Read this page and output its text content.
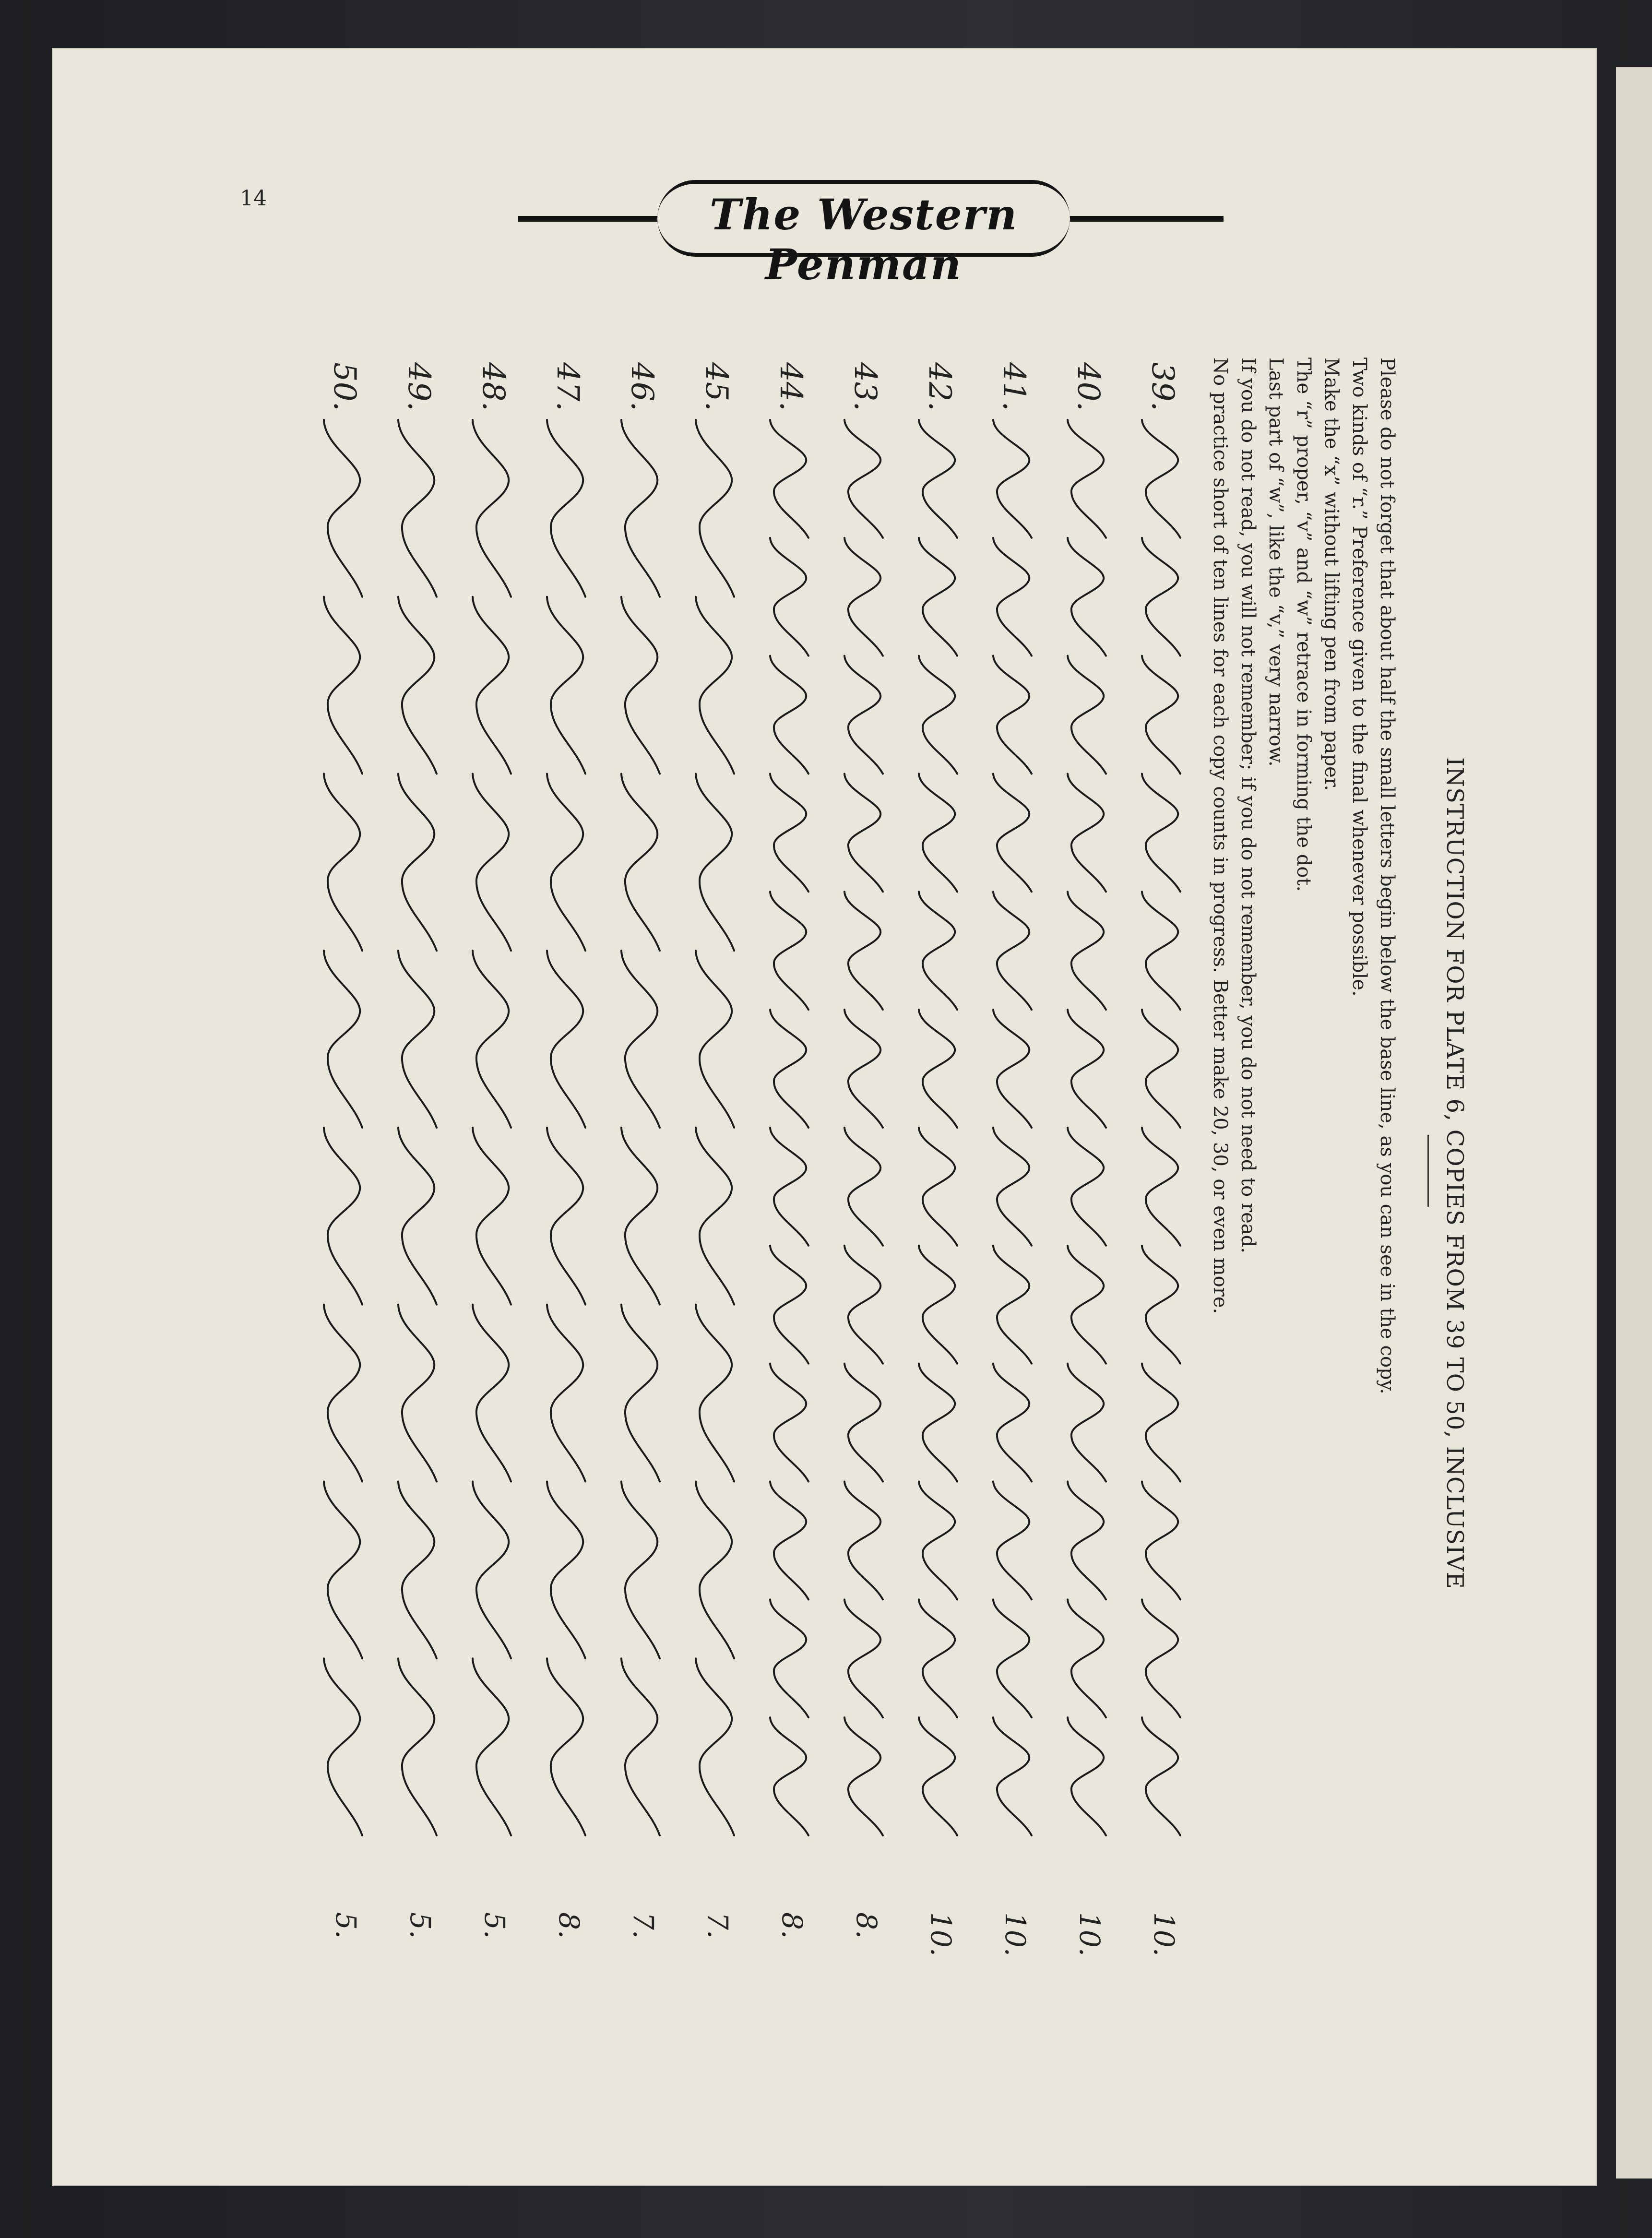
14	The Western Penman
INSTRUCTION FOR PLATE 6, COPIES FROM 39 TO 50, INCLUSIVE
Please do not forget that about half the small letters begin below the base line, as you can see in the copy.
Two kinds of “r.” Preference given to the final whenever possible.
Make the “x” without lifting pen from paper.
The “r” proper, “v” and “w” retrace in forming the dot.
Last part of “w”, like the “v,” very narrow.
If you do not read, you will not remember; if you do not remember, you do not need to read.
No practice short of ten lines for each copy counts in progress. Better make 20, 30, or even more.
39.
10.
40.
10.
41.
10.
42.
10.
43.
8.
44.
8.
45.
7.
46.
7.
47.
8.
48.
5.
49.
5.
50.
5.
